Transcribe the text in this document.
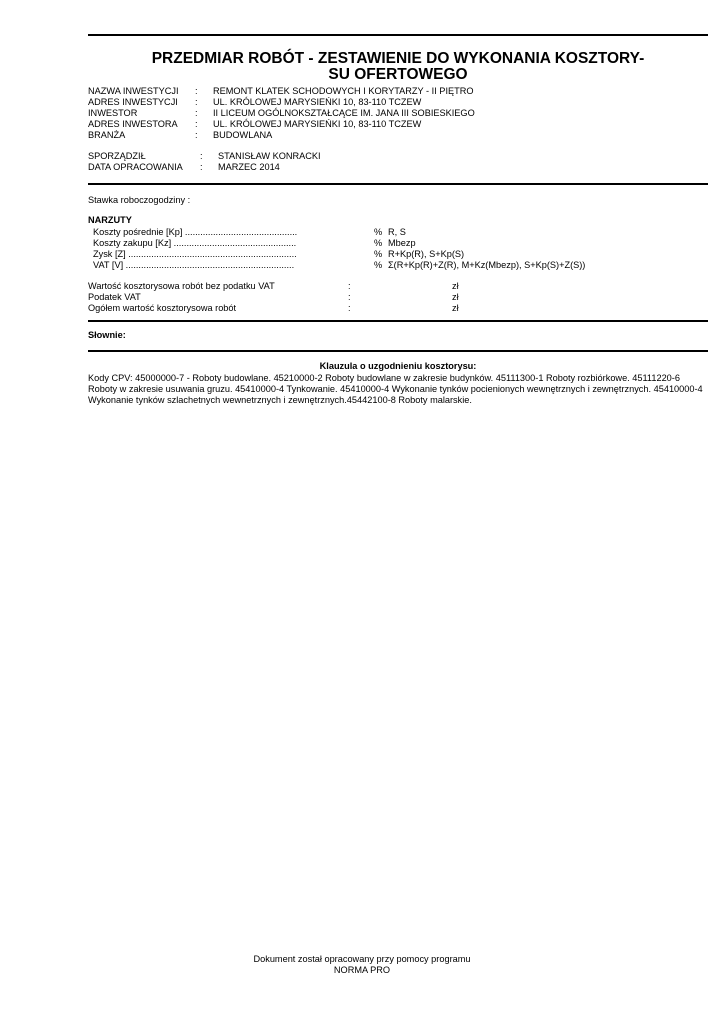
PRZEDMIAR ROBÓT - ZESTAWIENIE DO WYKONANIA KOSZTORY-
SU OFERTOWEGO
NAZWA INWESTYCJI : REMONT KLATEK SCHODOWYCH I KORYTARZY - II PIĘTRO
ADRES INWESTYCJI : UL. KRÓLOWEJ MARYSIEŃKI 10, 83-110 TCZEW
INWESTOR	: II LICEUM OGÓLNOKSZTAŁCĄCE IM. JANA III SOBIESKIEGO
ADRES INWESTORA : UL. KRÓLOWEJ MARYSIEŃKI 10, 83-110 TCZEW
BRANŻA	: BUDOWLANA
SPORZĄDZIŁ	: STANISŁAW KONRACKI
DATA OPRACOWANIA : MARZEC 2014
Stawka roboczogodziny :
NARZUTY
Koszty pośrednie [Kp] ............................................	% R, S
Koszty zakupu [Kz] ................................................	% Mbezp
Zysk [Z] ..................................................................	% R+Kp(R), S+Kp(S)
VAT [V] ..................................................................	% Σ(R+Kp(R)+Z(R), M+Kz(Mbezp), S+Kp(S)+Z(S))
Wartość kosztorysowa robót bez podatku VAT	:	zł
Podatek VAT	:	zł
Ogółem wartość kosztorysowa robót	:	zł
Słownie:
Klauzula o uzgodnieniu kosztorysu:
Kody CPV: 45000000-7 - Roboty budowlane. 45210000-2 Roboty budowlane w zakresie budynków. 45111300-1 Roboty rozbiórkowe. 45111220-6 Roboty w zakresie usuwania gruzu. 45410000-4 Tynkowanie. 45410000-4 Wykonanie tynków pocienionych wewnętrznych i zewnętrznych. 45410000-4 Wykonanie tynków szlachetnych wewnetrznych i zewnętrznych.45442100-8 Roboty malarskie.
Dokument został opracowany przy pomocy programu
NORMA PRO
